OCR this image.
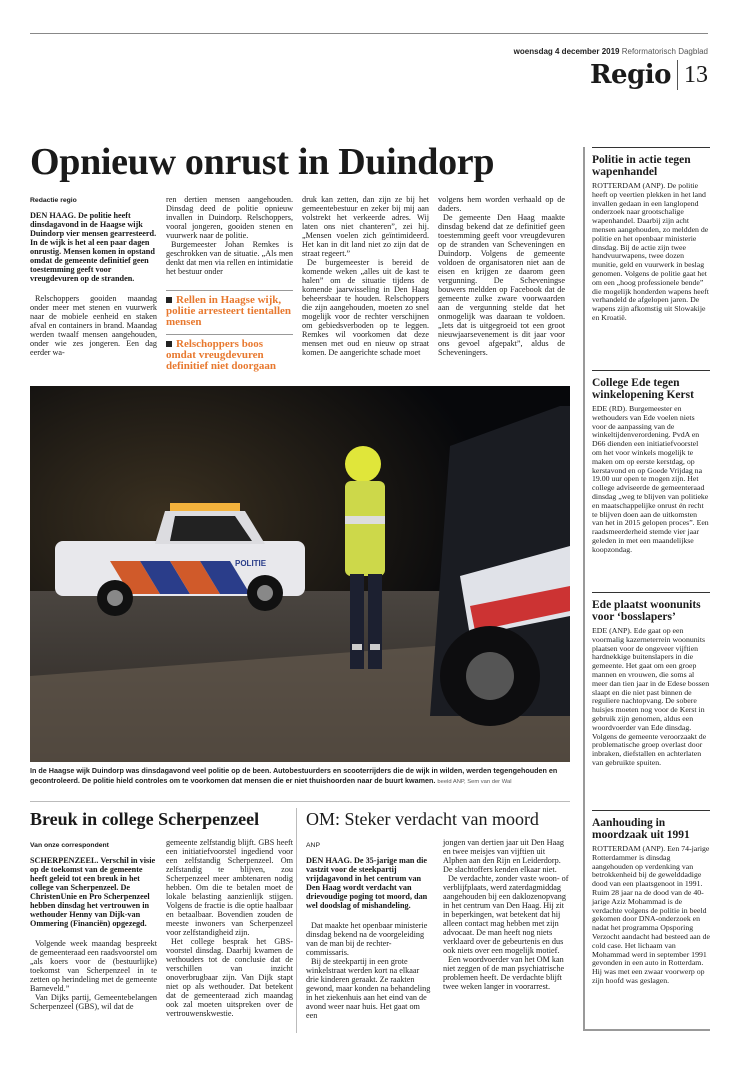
woensdag 4 december 2019 Reformatorisch Dagblad
Regio 13
Opnieuw onrust in Duindorp

Redactie regio

DEN HAAG. De politie heeft dinsdagavond in de Haagse wijk Duindorp vier mensen gearresteerd. In de wijk is het al een paar dagen onrustig. Mensen komen in opstand omdat de gemeente definitief geen toestemming geeft voor vreugdevuren op de stranden.

Relschoppers gooiden maandag onder meer met stenen en vuurwerk naar de mobiele eenheid en staken afval en containers in brand. Maandag werden twaalf mensen aangehouden, onder wie zes jongeren. Een dag eerder wa-

ren dertien mensen aangehouden. Dinsdag deed de politie opnieuw invallen in Duindorp. Relschoppers, vooral jongeren, gooiden stenen en vuurwerk naar de politie.

Burgemeester Johan Remkes is geschrokken van de situatie. „Als men denkt dat men via rellen en intimidatie het bestuur onder

Rellen in Haagse wijk, politie arresteert tientallen mensen
Relschoppers boos omdat vreugdevuren definitief niet doorgaan

druk kan zetten, dan zijn ze bij het gemeentebestuur en zeker bij mij aan volstrekt het verkeerde adres. Wij laten ons niet chanteren”, zei hij. „Mensen voelen zich geïntimideerd. Het kan in dit land niet zo zijn dat de straat regeert.”

De burgemeester is bereid de komende weken „alles uit de kast te halen” om de situatie tijdens de komende jaarwisseling in Den Haag beheersbaar te houden. Relschoppers die zijn aangehouden, moeten zo snel mogelijk voor de rechter verschijnen om gebiedsverboden op te leggen. Remkes wil voorkomen dat deze mensen met oud en nieuw op straat komen. De aangerichte schade moet

volgens hem worden verhaald op de daders.

De gemeente Den Haag maakte dinsdag bekend dat ze definitief geen toestemming geeft voor vreugdevuren op de stranden van Scheveningen en Duindorp. Volgens de gemeente voldoen de organisatoren niet aan de eisen en krijgen ze daarom geen vergunning. De Scheveningse bouwers meldden op Facebook dat de gemeente zulke zware voorwaarden aan de vergunning stelde dat het onmogelijk was daaraan te voldoen. „Iets dat is uitgegroeid tot een groot nieuwjaarsevenement is dit jaar voor ons gevoel afgepakt”, aldus de Scheveningers.

POLITIE
In de Haagse wijk Duindorp was dinsdagavond veel politie op de been. Autobestuurders en scooterrijders die de wijk in wilden, werden tegengehouden en gecontroleerd. De politie hield controles om te voorkomen dat mensen die er niet thuishoorden naar de buurt kwamen. beeld ANP, Sem van der Wal
Breuk in college Scherpenzeel	OM: Steker verdacht van moord

Van onze correspondent

SCHERPENZEEL. Verschil in visie op de toekomst van de gemeente heeft geleid tot een breuk in het college van Scherpenzeel. De ChristenUnie en Pro Scherpenzeel hebben dinsdag het vertrouwen in wethouder Henny van Dijk-van Ommering (Financiën) opgezegd.

Volgende week maandag bespreekt de gemeenteraad een raadsvoorstel om „als koers voor de (bestuurlijke) toekomst van Scherpenzeel in te zetten op herindeling met de gemeente Barneveld.”

Van Dijks partij, Gemeentebelangen Scherpenzeel (GBS), wil dat de

gemeente zelfstandig blijft. GBS heeft een initiatiefvoorstel ingediend voor een zelfstandig Scherpenzeel. Om zelfstandig te blijven, zou Scherpenzeel meer ambtenaren nodig hebben. Om die te betalen moet de lokale belasting aanzienlijk stijgen. Volgens de fractie is die optie haalbaar en betaalbaar. Bovendien zouden de meeste inwoners van Scherpenzeel voor zelfstandigheid zijn.

Het college besprak het GBS-voorstel dinsdag. Daarbij kwamen de wethouders tot de conclusie dat de verschillen van inzicht onoverbrugbaar zijn. Van Dijk stapt niet op als wethouder. Dat betekent dat de gemeenteraad zich maandag ook zal moeten uitspreken over de vertrouwenskwestie.

ANP

DEN HAAG. De 35-jarige man die vastzit voor de steekpartij vrijdagavond in het centrum van Den Haag wordt verdacht van drievoudige poging tot moord, dan wel doodslag of mishandeling.

Dat maakte het openbaar ministerie dinsdag bekend na de voorgeleiding van de man bij de rechter-commissaris.

Bij de steekpartij in een grote winkelstraat werden kort na elkaar drie kinderen geraakt. Ze raakten gewond, maar konden na behandeling in het ziekenhuis aan het eind van de avond weer naar huis. Het gaat om een

jongen van dertien jaar uit Den Haag en twee meisjes van vijftien uit Alphen aan den Rijn en Leiderdorp. De slachtoffers kenden elkaar niet.

De verdachte, zonder vaste woon- of verblijfplaats, werd zaterdagmiddag aangehouden bij een daklozenopvang in het centrum van Den Haag. Hij zit in beperkingen, wat betekent dat hij alleen contact mag hebben met zijn advocaat. De man heeft nog niets verklaard over de gebeurtenis en dus ook niets over een mogelijk motief.

Een woordvoerder van het OM kan niet zeggen of de man psychiatrische problemen heeft. De verdachte blijft twee weken langer in voorarrest.

Politie in actie tegen wapenhandel

ROTTERDAM (ANP). De politie heeft op veertien plekken in het land invallen gedaan in een langlopend onderzoek naar grootschalige wapenhandel. Daarbij zijn acht mensen aangehouden, zo meldden de politie en het openbaar ministerie dinsdag. Bij de actie zijn twee handvuurwapens, twee dozen munitie, geld en vuurwerk in beslag genomen. Volgens de politie gaat het om een „hoog professionele bende” die mogelijk honderden wapens heeft verhandeld de afgelopen jaren. De wapens zijn afkomstig uit Slowakije en Kroatië.

College Ede tegen winkelopening Kerst

EDE (RD). Burgemeester en wethouders van Ede voelen niets voor de aanpassing van de winkeltijdenverordening. PvdA en D66 dienden een initiatiefvoorstel om het voor winkels mogelijk te maken om op eerste kerstdag, op kerstavond en op Goede Vrijdag na 19.00 uur open te mogen zijn. Het college adviseerde de gemeenteraad dinsdag „weg te blijven van politieke en maatschappelijke onrust én recht te blijven doen aan de uitkomsten van het in 2015 gelopen proces”. Een raadsmeerderheid stemde vier jaar geleden in met een maandelijkse koopzondag.

Ede plaatst woonunits voor ‘bosslapers’

EDE (ANP). Ede gaat op een voormalig kazerneterrein woonunits plaatsen voor de ongeveer vijftien hardnekkige buitenslapers in die gemeente. Het gaat om een groep mannen en vrouwen, die soms al meer dan tien jaar in de Edese bossen slaapt en die niet past binnen de reguliere nachtopvang. De sobere huisjes moeten nog voor de Kerst in gebruik zijn genomen, aldus een woordvoerder van Ede dinsdag. Volgens de gemeente veroorzaakt de problematische groep overlast door inbraken, diefstallen en achterlaten van gebruikte spuiten.

Aanhouding in moordzaak uit 1991

ROTTERDAM (ANP). Een 74-jarige Rotterdammer is dinsdag aangehouden op verdenking van betrokkenheid bij de gewelddadige dood van een plaatsgenoot in 1991. Ruim 28 jaar na de dood van de 40-jarige Aziz Mohammad is de verdachte volgens de politie in beeld gekomen door DNA-onderzoek en nadat het programma Opsporing Verzocht aandacht had besteed aan de cold case. Het lichaam van Mohammad werd in september 1991 gevonden in een auto in Rotterdam. Hij was met een zwaar voorwerp op zijn hoofd was geslagen.
